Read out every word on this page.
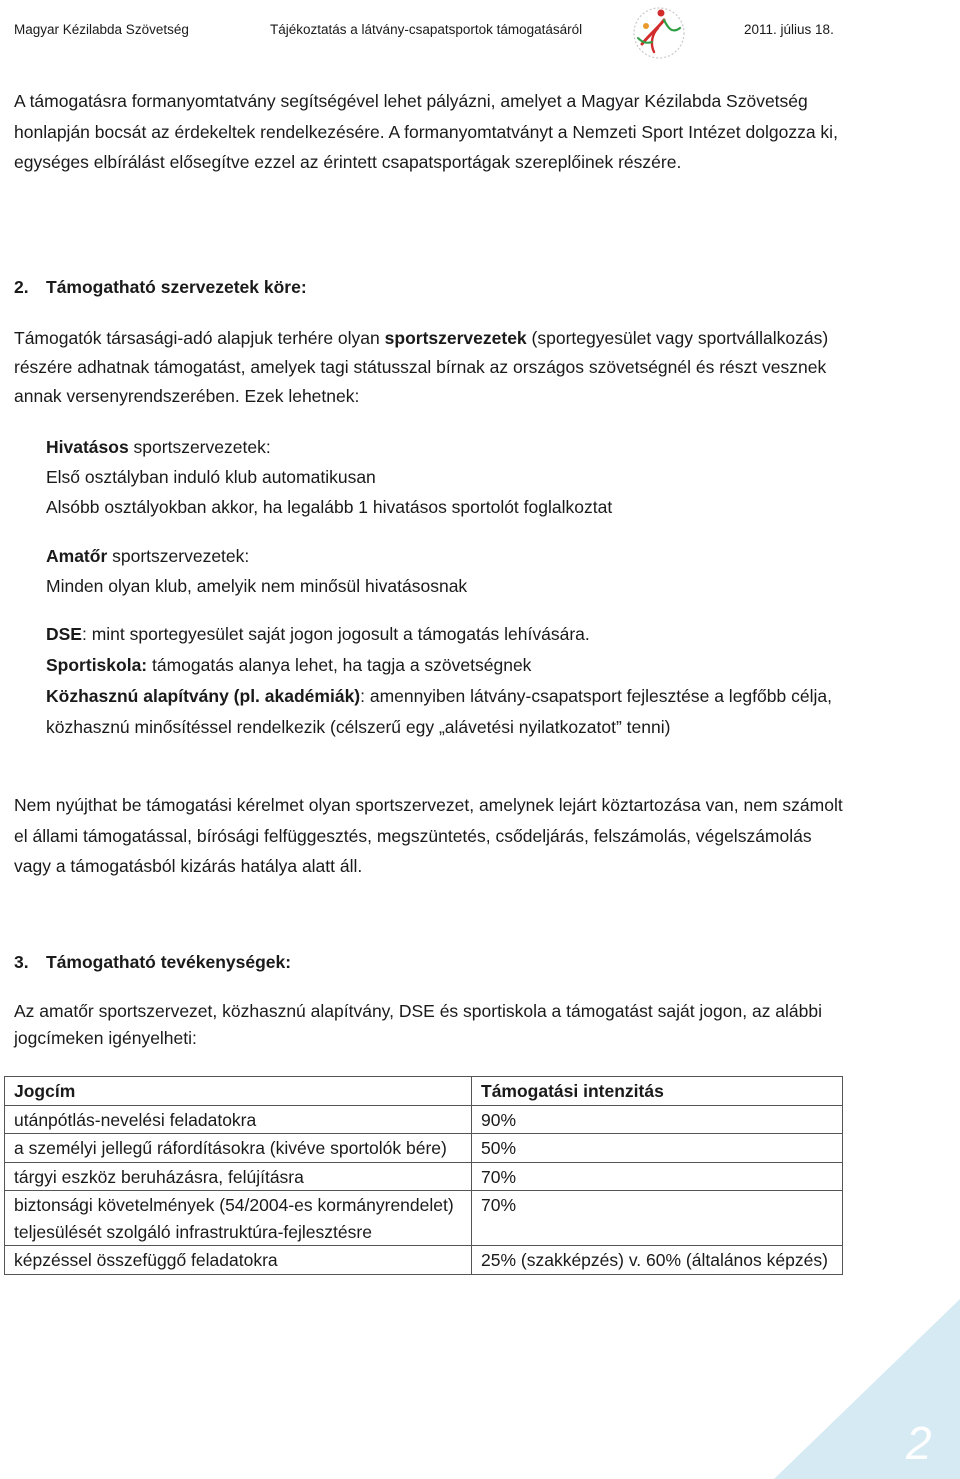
Magyar Kézilabda Szövetség	Tájékoztatás a látvány-csapatsportok támogatásáról	2011. július 18.

A támogatásra formanyomtatvány segítségével lehet pályázni, amelyet a Magyar Kézilabda Szövetség honlapján bocsát az érdekeltek rendelkezésére. A formanyomtatványt a Nemzeti Sport Intézet dolgozza ki, egységes elbírálást elősegítve ezzel az érintett csapatsportágak szereplőinek részére.

2. Támogatható szervezetek köre:

Támogatók társasági-adó alapjuk terhére olyan sportszervezetek (sportegyesület vagy sportvállalkozás) részére adhatnak támogatást, amelyek tagi státusszal bírnak az országos szövetségnél és részt vesznek annak versenyrendszerében. Ezek lehetnek:

Hivatásos sportszervezetek:

Első osztályban induló klub automatikusan

Alsóbb osztályokban akkor, ha legalább 1 hivatásos sportolót foglalkoztat

Amatőr sportszervezetek:

Minden olyan klub, amelyik nem minősül hivatásosnak

DSE: mint sportegyesület saját jogon jogosult a támogatás lehívására.

Sportiskola: támogatás alanya lehet, ha tagja a szövetségnek

Közhasznú alapítvány (pl. akadémiák): amennyiben látvány-csapatsport fejlesztése a legfőbb célja, közhasznú minősítéssel rendelkezik (célszerű egy „alávetési nyilatkozatot” tenni)

Nem nyújthat be támogatási kérelmet olyan sportszervezet, amelynek lejárt köztartozása van, nem számolt el állami támogatással, bírósági felfüggesztés, megszüntetés, csődeljárás, felszámolás, végelszámolás vagy a támogatásból kizárás hatálya alatt áll.

3. Támogatható tevékenységek:

Az amatőr sportszervezet, közhasznú alapítvány, DSE és sportiskola a támogatást saját jogon, az alábbi jogcímeken igényelheti:

Jogcím	Támogatási intenzitás
utánpótlás-nevelési feladatokra	90%
a személyi jellegű ráfordításokra (kivéve sportolók bére)	50%
tárgyi eszköz beruházásra, felújításra	70%
biztonsági követelmények (54/2004-es kormányrendelet) teljesülését szolgáló infrastruktúra-fejlesztésre	70%
képzéssel összefüggő feladatokra	25% (szakképzés) v. 60% (általános képzés)
2
